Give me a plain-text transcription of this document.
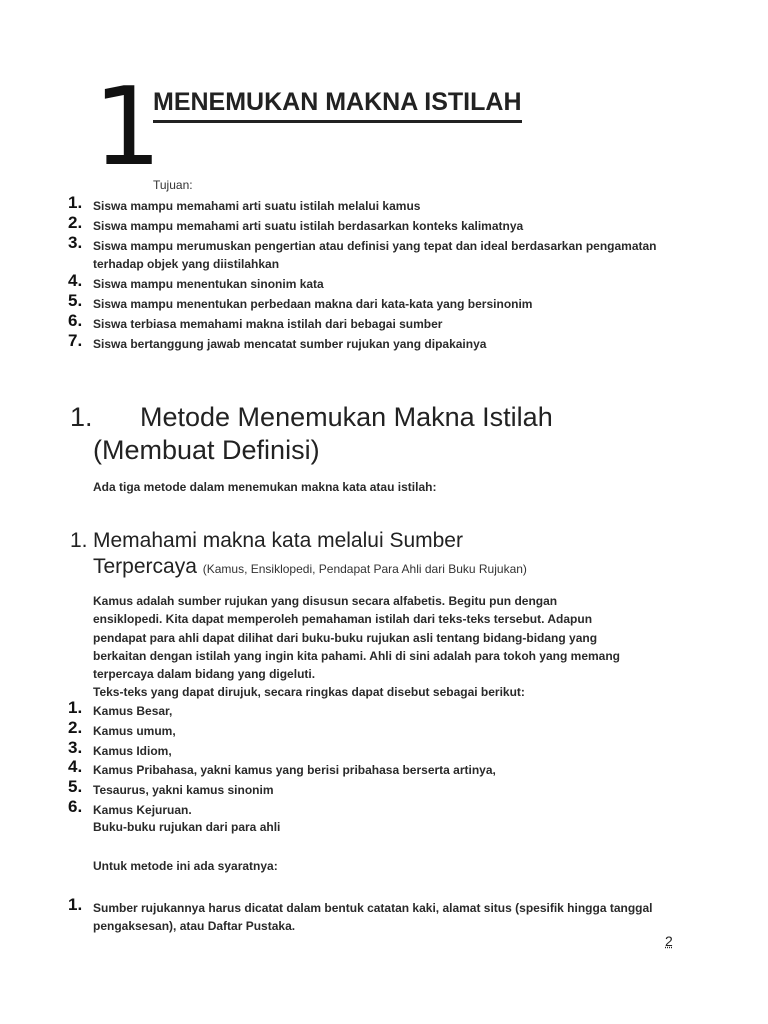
1
MENEMUKAN MAKNA ISTILAH
Tujuan:
1. Siswa mampu memahami arti suatu istilah melalui kamus
2. Siswa mampu memahami arti suatu istilah berdasarkan konteks kalimatnya
3. Siswa mampu merumuskan pengertian atau definisi yang tepat dan ideal berdasarkan pengamatan terhadap objek yang diistilahkan
4. Siswa mampu menentukan sinonim kata
5. Siswa mampu menentukan perbedaan makna dari kata-kata yang bersinonim
6. Siswa terbiasa memahami makna istilah dari bebagai sumber
7. Siswa bertanggung jawab mencatat sumber rujukan yang dipakainya
1. Metode Menemukan Makna Istilah
(Membuat Definisi)
Ada tiga metode dalam menemukan makna kata atau istilah:
1. Memahami makna kata melalui Sumber
Terpercaya (Kamus, Ensiklopedi, Pendapat Para Ahli dari Buku Rujukan)
Kamus adalah sumber rujukan yang disusun secara alfabetis. Begitu pun dengan
ensiklopedi. Kita dapat memperoleh pemahaman istilah dari teks-teks tersebut. Adapun
pendapat para ahli dapat dilihat dari buku-buku rujukan asli tentang bidang-bidang yang
berkaitan dengan istilah yang ingin kita pahami. Ahli di sini adalah para tokoh yang memang
terpercaya dalam bidang yang digeluti.
Teks-teks yang dapat dirujuk, secara ringkas dapat disebut sebagai berikut:
1. Kamus Besar,
2. Kamus umum,
3. Kamus Idiom,
4. Kamus Pribahasa, yakni kamus yang berisi pribahasa berserta artinya,
5. Tesaurus, yakni kamus sinonim
6. Kamus Kejuruan.
Buku-buku rujukan dari para ahli
Untuk metode ini ada syaratnya:
1. Sumber rujukannya harus dicatat dalam bentuk catatan kaki, alamat situs (spesifik hingga tanggal pengaksesan), atau Daftar Pustaka.
2
